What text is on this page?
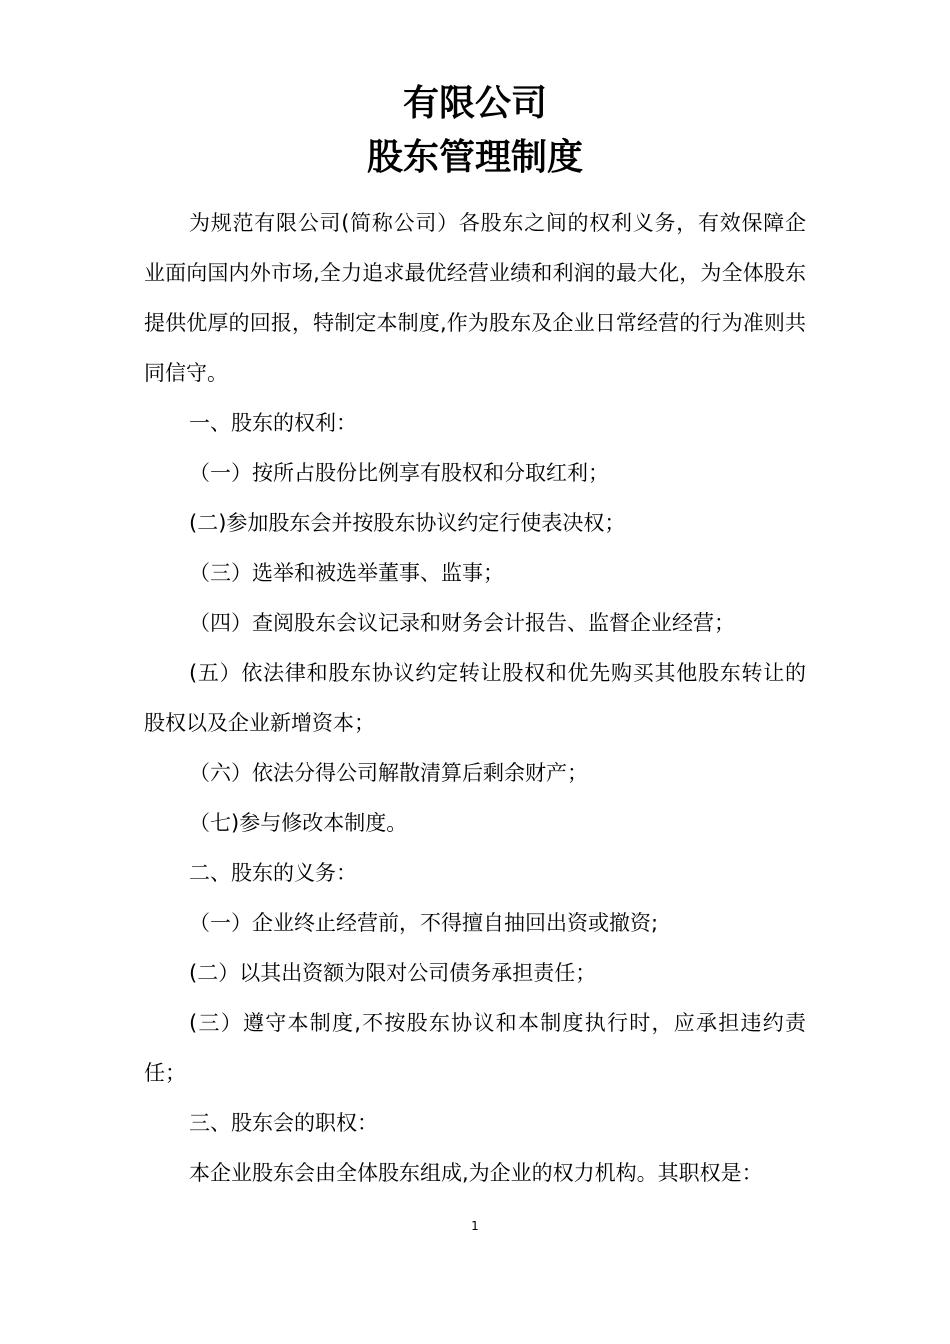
有限公司
股东管理制度

为规范有限公司(简称公司）各股东之间的权利义务，有效保障企业面向国内外市场,全力追求最优经营业绩和利润的最大化，为全体股东提供优厚的回报，特制定本制度,作为股东及企业日常经营的行为准则共同信守。

一、股东的权利：

（一）按所占股份比例享有股权和分取红利；

(二)参加股东会并按股东协议约定行使表决权；

（三）选举和被选举董事、监事；

（四）查阅股东会议记录和财务会计报告、监督企业经营；

(五）依法律和股东协议约定转让股权和优先购买其他股东转让的股权以及企业新增资本；

（六）依法分得公司解散清算后剩余财产；

（七)参与修改本制度。

二、股东的义务：

（一）企业终止经营前，不得擅自抽回出资或撤资;

(二）以其出资额为限对公司债务承担责任；

(三）遵守本制度,不按股东协议和本制度执行时，应承担违约责任；

三、股东会的职权：

本企业股东会由全体股东组成,为企业的权力机构。其职权是：

1
